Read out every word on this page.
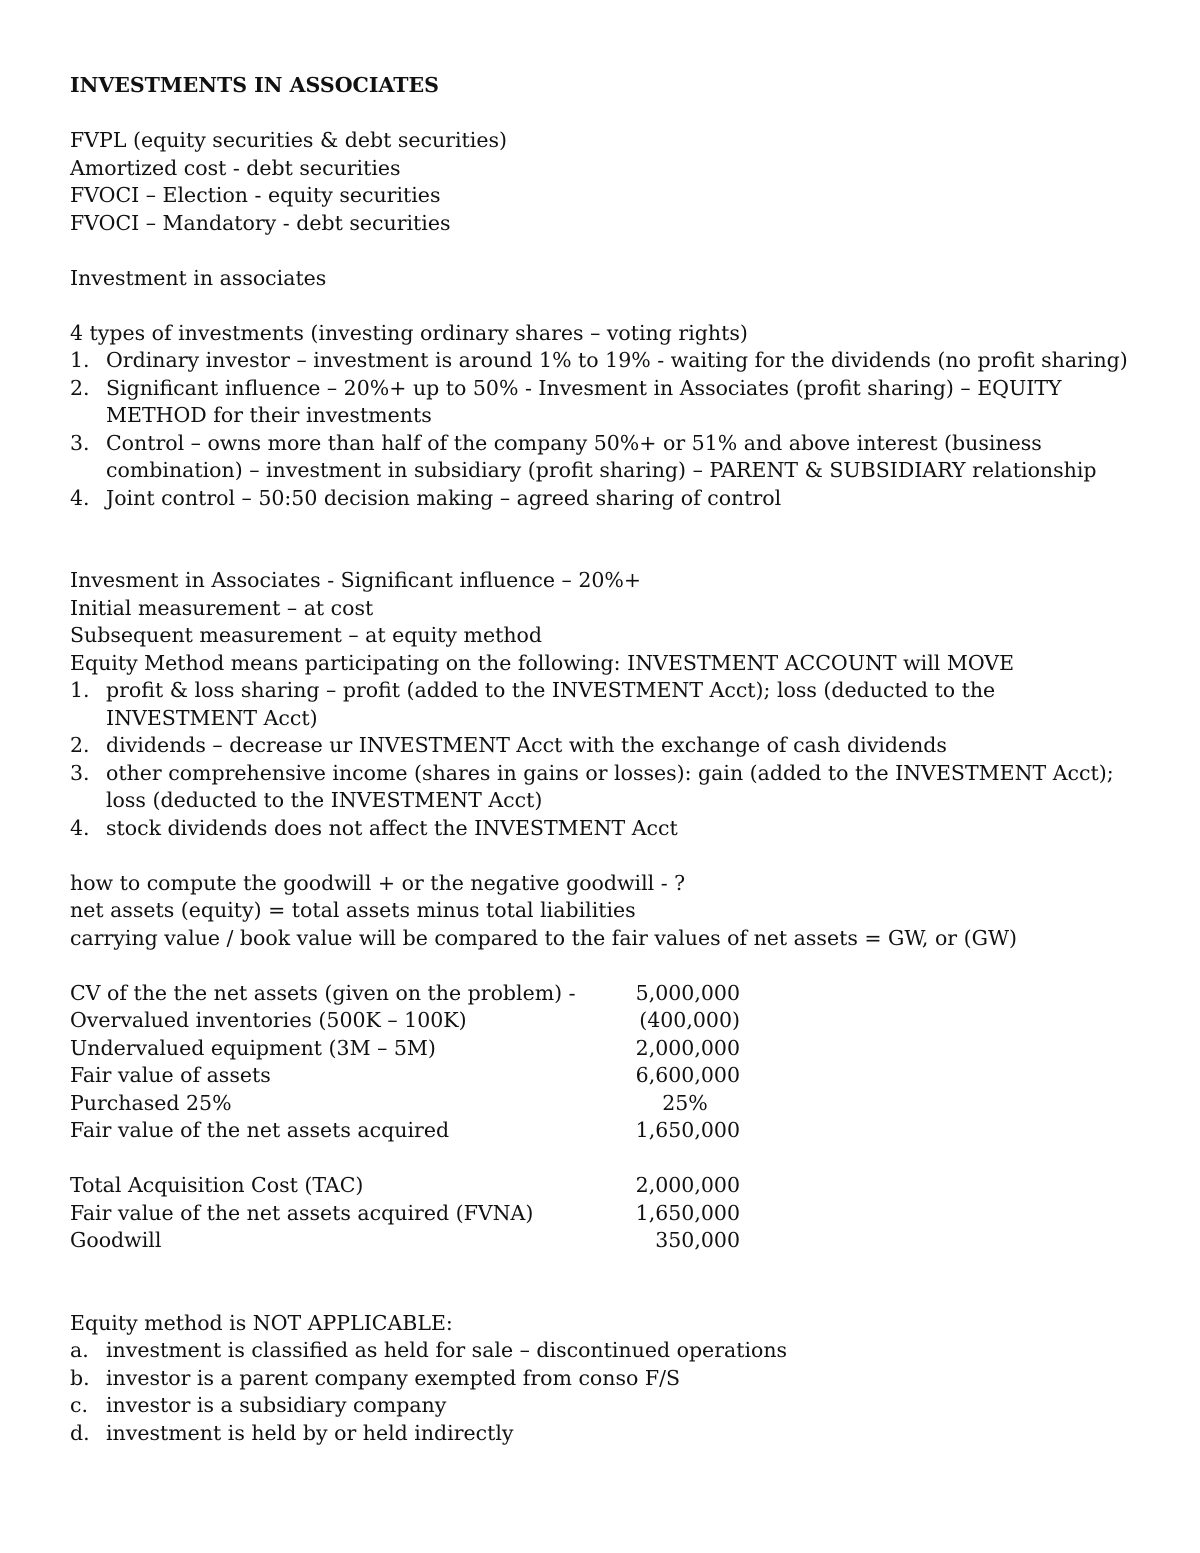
INVESTMENTS IN ASSOCIATES
FVPL (equity securities & debt securities)
Amortized cost - debt securities
FVOCI – Election - equity securities
FVOCI – Mandatory - debt securities
Investment in associates
4 types of investments (investing ordinary shares – voting rights)
1. Ordinary investor – investment is around 1% to 19% - waiting for the dividends (no profit sharing)
2. Significant influence – 20%+ up to 50% - Invesment in Associates (profit sharing) – EQUITY METHOD for their investments
3. Control – owns more than half of the company 50%+ or 51% and above interest (business combination) – investment in subsidiary (profit sharing) – PARENT & SUBSIDIARY relationship
4. Joint control – 50:50 decision making – agreed sharing of control
Invesment in Associates - Significant influence – 20%+
Initial measurement – at cost
Subsequent measurement – at equity method
Equity Method means participating on the following: INVESTMENT ACCOUNT will MOVE
1. profit & loss sharing – profit (added to the INVESTMENT Acct); loss (deducted to the INVESTMENT Acct)
2. dividends – decrease ur INVESTMENT Acct with the exchange of cash dividends
3. other comprehensive income (shares in gains or losses): gain (added to the INVESTMENT Acct); loss (deducted to the INVESTMENT Acct)
4. stock dividends does not affect the INVESTMENT Acct
how to compute the goodwill + or the negative goodwill - ?
net assets (equity) = total assets minus total liabilities
carrying value / book value will be compared to the fair values of net assets = GW, or (GW)
CV of the the net assets (given on the problem) -	5,000,000
Overvalued inventories (500K – 100K)	(400,000)
Undervalued equipment (3M – 5M)	2,000,000
Fair value of assets	6,600,000
Purchased 25%	25%
Fair value of the net assets acquired	1,650,000
Total Acquisition Cost (TAC)	2,000,000
Fair value of the net assets acquired (FVNA)	1,650,000
Goodwill	350,000
Equity method is NOT APPLICABLE:
a. investment is classified as held for sale – discontinued operations
b. investor is a parent company exempted from conso F/S
c. investor is a subsidiary company
d. investment is held by or held indirectly
